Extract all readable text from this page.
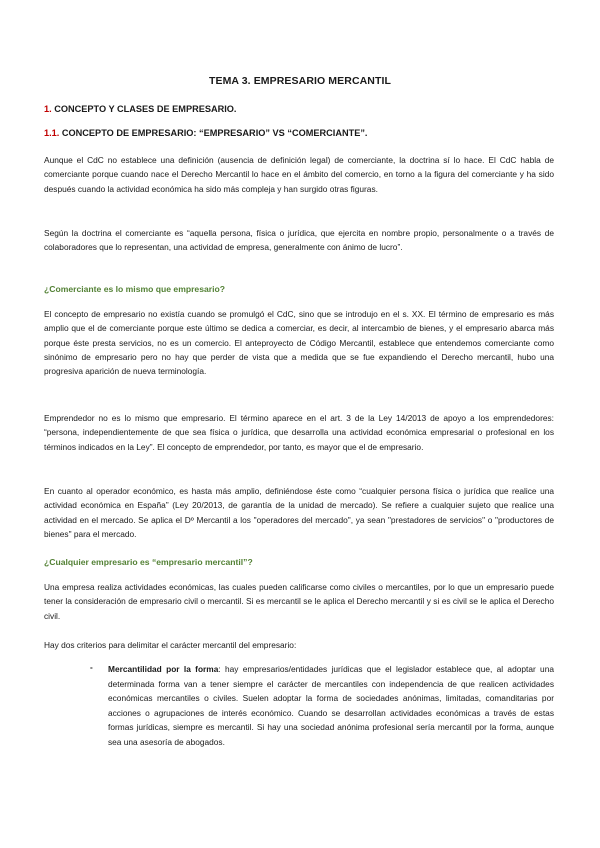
TEMA 3. EMPRESARIO MERCANTIL
1. CONCEPTO Y CLASES DE EMPRESARIO.
1.1. CONCEPTO DE EMPRESARIO: “EMPRESARIO” VS “COMERCIANTE”.

Aunque el CdC no establece una definición (ausencia de definición legal) de comerciante, la doctrina sí lo hace. El CdC habla de comerciante porque cuando nace el Derecho Mercantil lo hace en el ámbito del comercio, en torno a la figura del comerciante y ha sido después cuando la actividad económica ha sido más compleja y han surgido otras figuras.

Según la doctrina el comerciante es “aquella persona, física o jurídica, que ejercita en nombre propio, personalmente o a través de colaboradores que lo representan, una actividad de empresa, generalmente con ánimo de lucro”.

¿Comerciante es lo mismo que empresario?

El concepto de empresario no existía cuando se promulgó el CdC, sino que se introdujo en el s. XX. El término de empresario es más amplio que el de comerciante porque este último se dedica a comerciar, es decir, al intercambio de bienes, y el empresario abarca más porque éste presta servicios, no es un comercio. El anteproyecto de Código Mercantil, establece que entendemos comerciante como sinónimo de empresario pero no hay que perder de vista que a medida que se fue expandiendo el Derecho mercantil, hubo una progresiva aparición de nueva terminología.

Emprendedor no es lo mismo que empresario. El término aparece en el art. 3 de la Ley 14/2013 de apoyo a los emprendedores: “persona, independientemente de que sea física o jurídica, que desarrolla una actividad económica empresarial o profesional en los términos indicados en la Ley”. El concepto de emprendedor, por tanto, es mayor que el de empresario.

En cuanto al operador económico, es hasta más amplio, definiéndose éste como “cualquier persona física o jurídica que realice una actividad económica en España” (Ley 20/2013, de garantía de la unidad de mercado). Se refiere a cualquier sujeto que realice una actividad en el mercado. Se aplica el Dº Mercantil a los "operadores del mercado", ya sean "prestadores de servicios" o "productores de bienes" para el mercado.

¿Cualquier empresario es “empresario mercantil”?

Una empresa realiza actividades económicas, las cuales pueden calificarse como civiles o mercantiles, por lo que un empresario puede tener la consideración de empresario civil o mercantil. Si es mercantil se le aplica el Derecho mercantil y si es civil se le aplica el Derecho civil.

Hay dos criterios para delimitar el carácter mercantil del empresario:

- Mercantilidad por la forma: hay empresarios/entidades jurídicas que el legislador establece que, al adoptar una determinada forma van a tener siempre el carácter de mercantiles con independencia de que realicen actividades económicas mercantiles o civiles. Suelen adoptar la forma de sociedades anónimas, limitadas, comanditarias por acciones o agrupaciones de interés económico. Cuando se desarrollan actividades económicas a través de estas formas jurídicas, siempre es mercantil. Si hay una sociedad anónima profesional sería mercantil por la forma, aunque sea una asesoría de abogados.
